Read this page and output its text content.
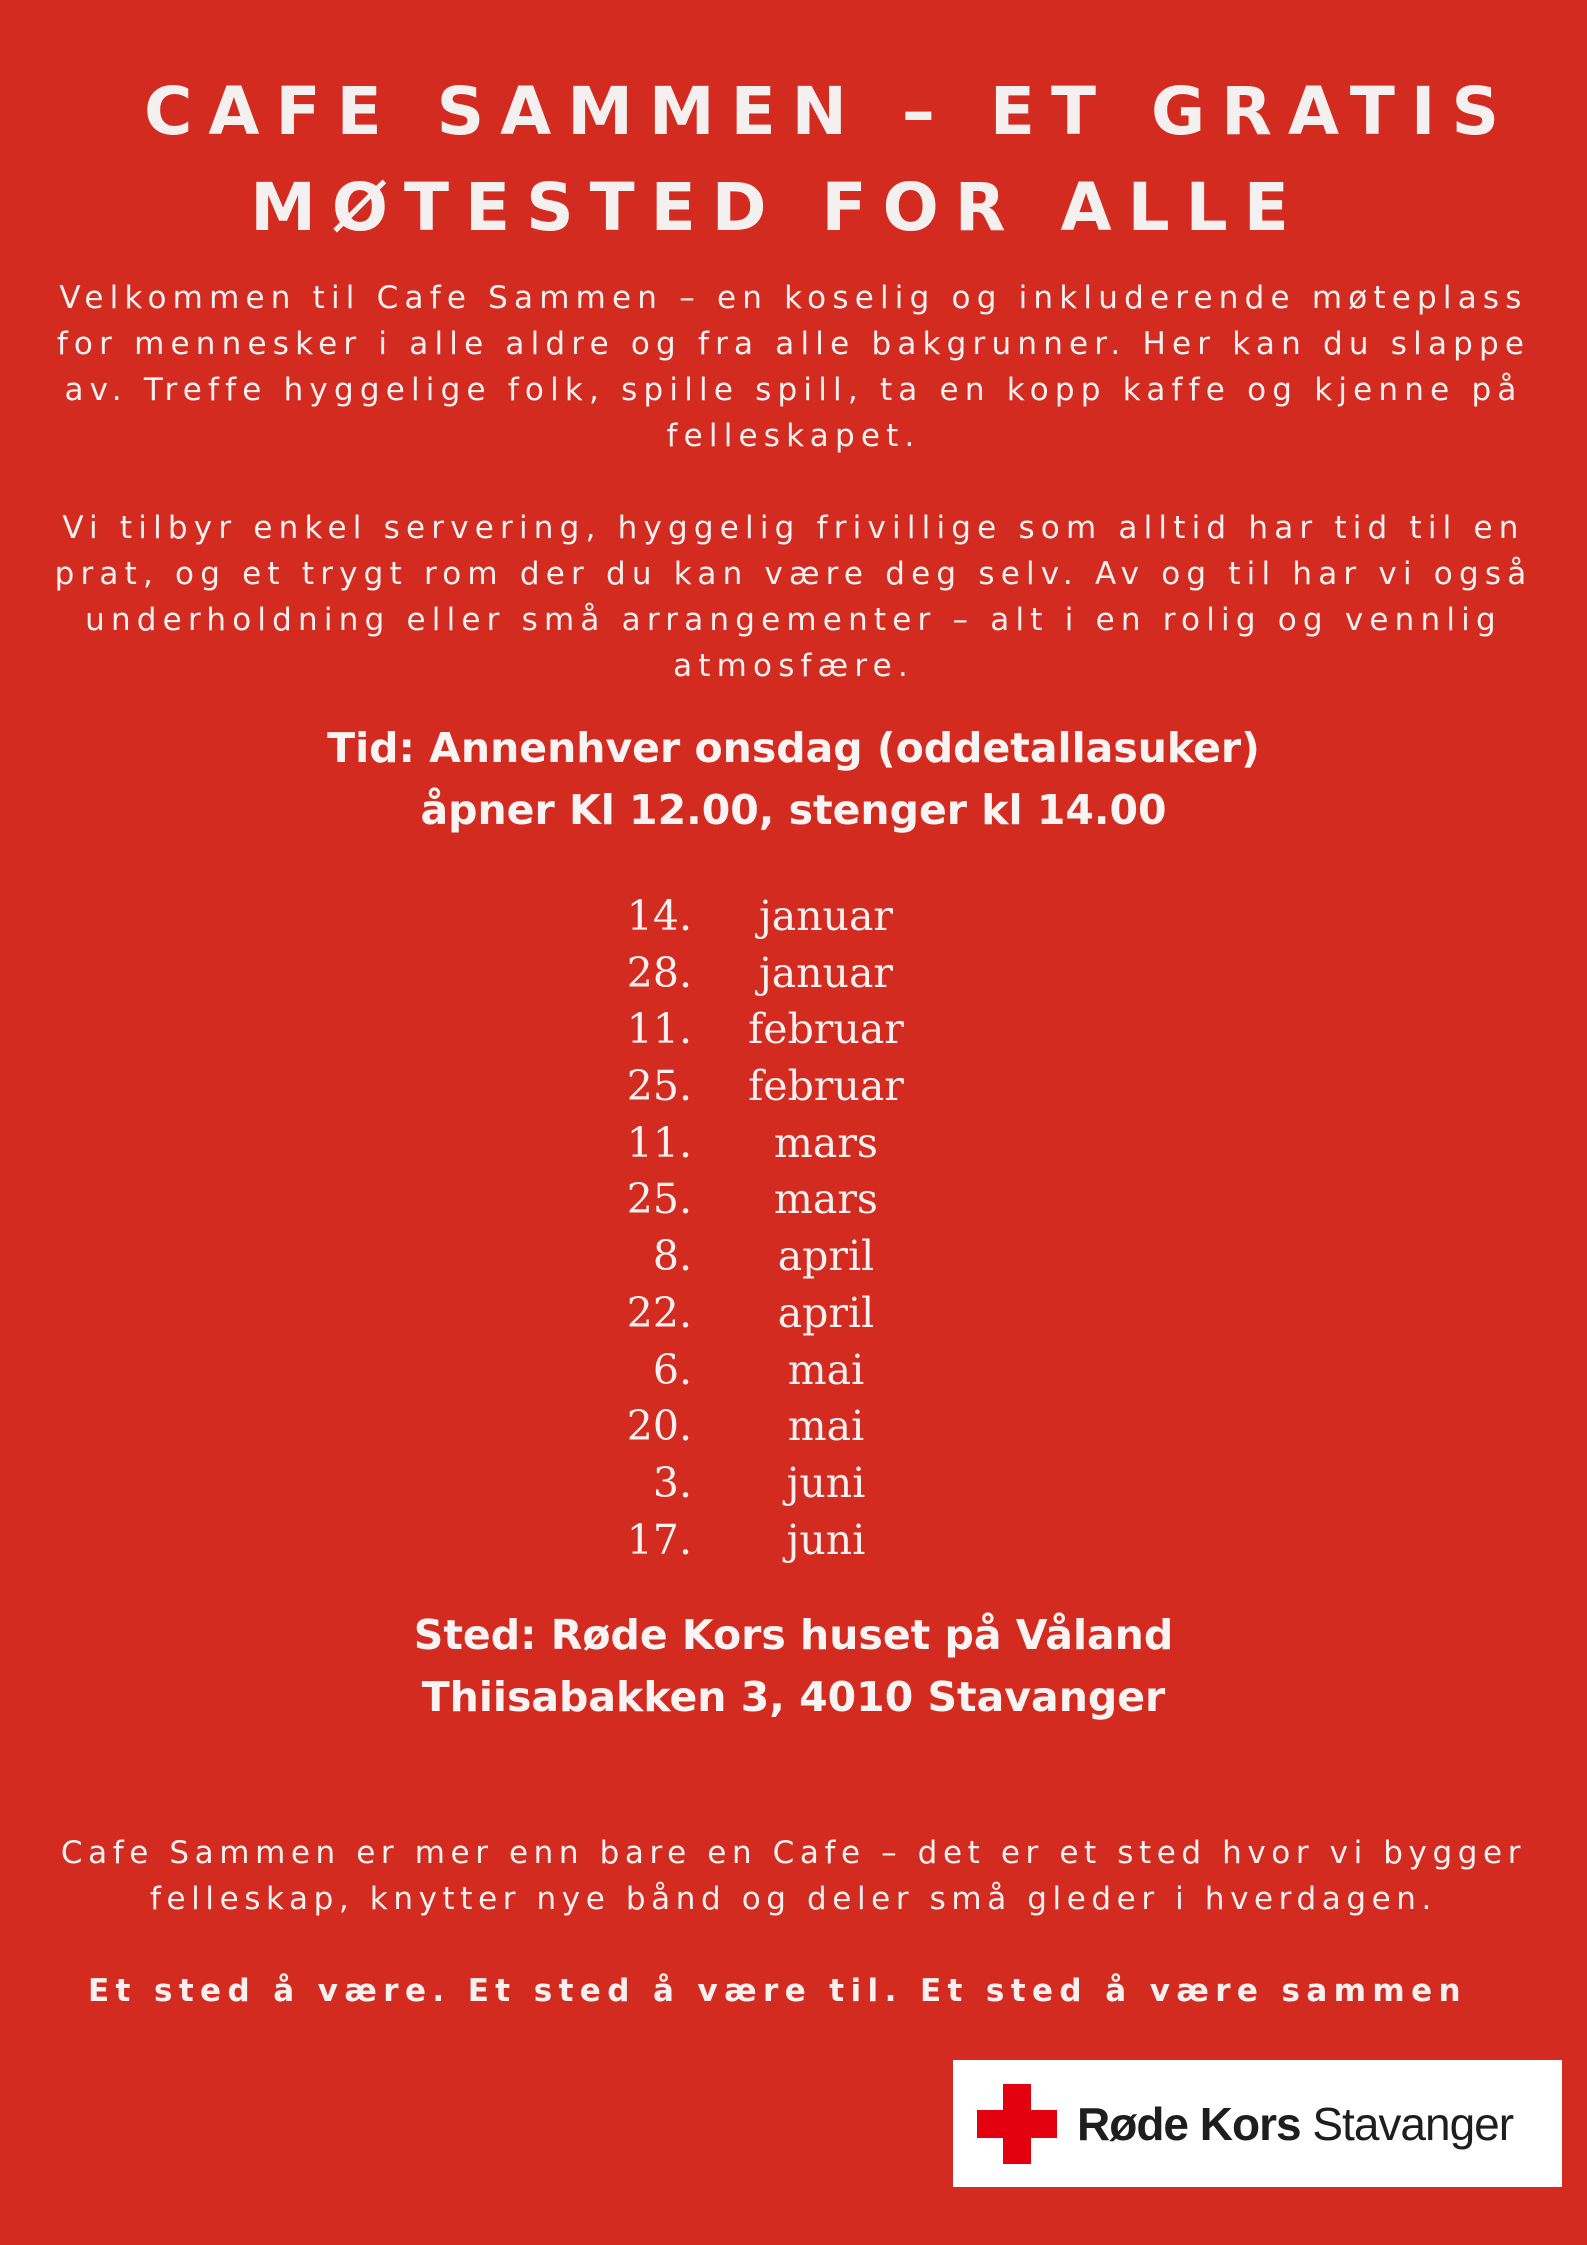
CAFE SAMMEN – ET GRATIS
MØTESTED FOR ALLE

Velkommen til Cafe Sammen – en koselig og inkluderende møteplass for mennesker i alle aldre og fra alle bakgrunner. Her kan du slappe av. Treffe hyggelige folk, spille spill, ta en kopp kaffe og kjenne på felleskapet.

Vi tilbyr enkel servering, hyggelig frivillige som alltid har tid til en prat, og et trygt rom der du kan være deg selv. Av og til har vi også underholdning eller små arrangementer – alt i en rolig og vennlig atmosfære.

Tid: Annenhver onsdag (oddetallasuker)
åpner Kl 12.00, stenger kl 14.00
14.	januar
28.	januar
11.	februar
25.	februar
11.	mars
25.	mars
8.	april
22.	april
6.	mai
20.	mai
3.	juni
17.	juni
Sted: Røde Kors huset på Våland
Thiisabakken 3, 4010 Stavanger

Cafe Sammen er mer enn bare en Cafe – det er et sted hvor vi bygger felleskap, knytter nye bånd og deler små gleder i hverdagen.

Et sted å være. Et sted å være til. Et sted å være sammen

Røde Kors Stavanger
